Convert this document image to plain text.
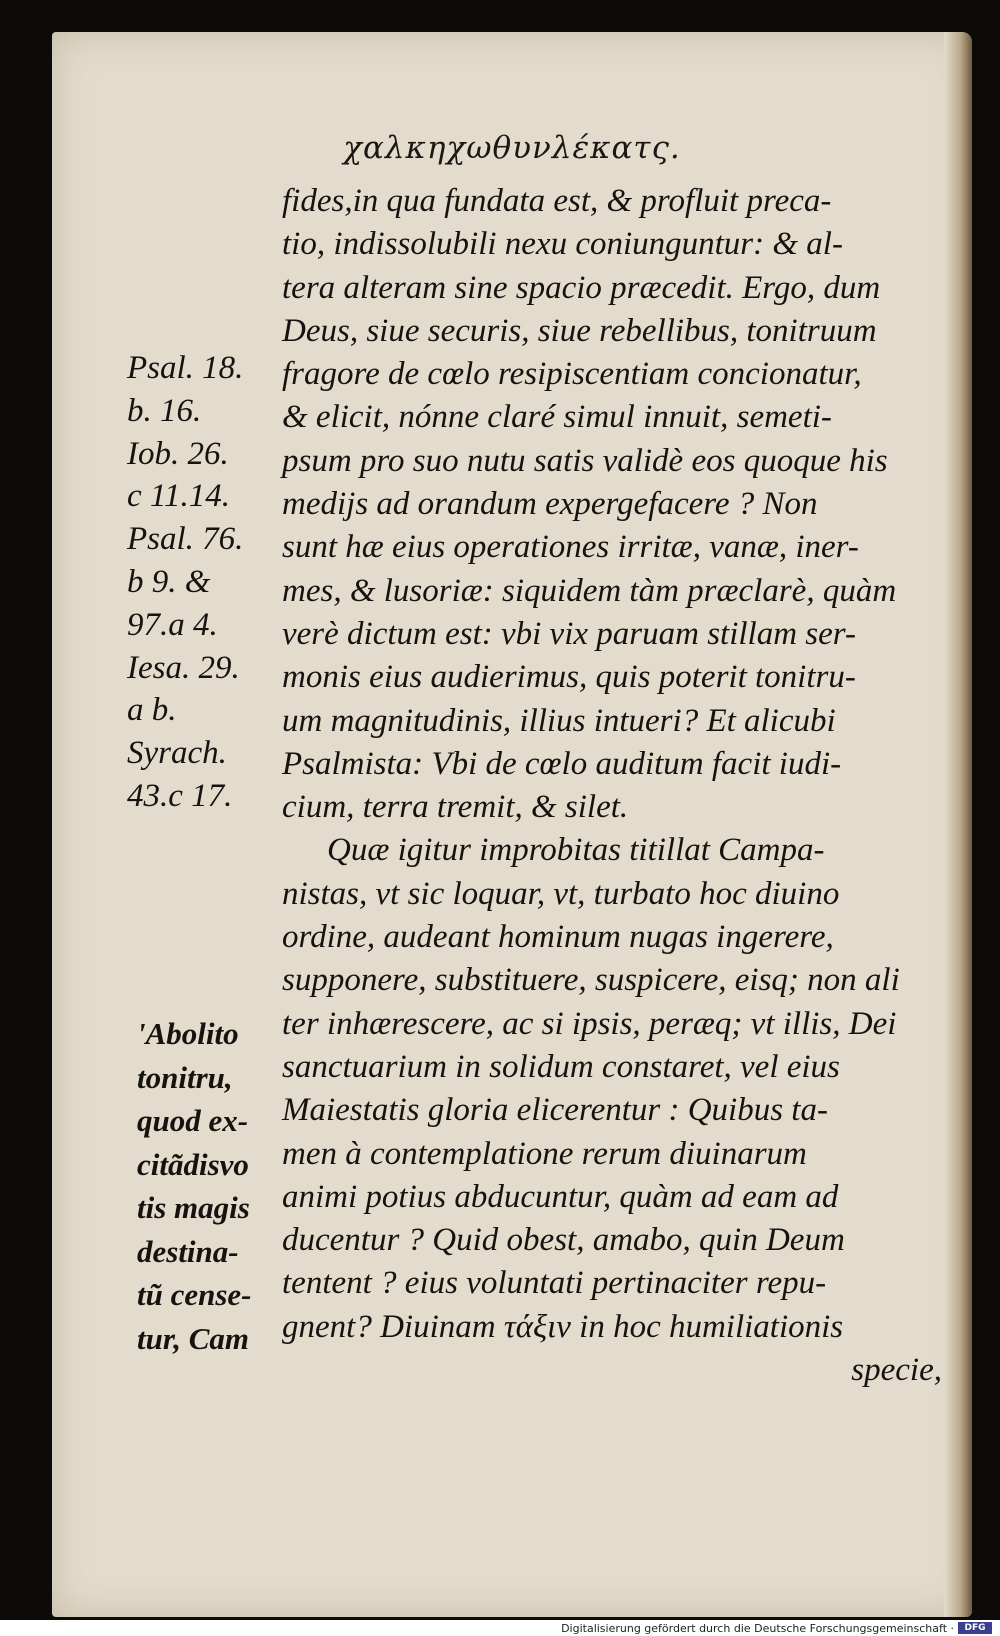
χαλκηχωθυνλέκατς.
fides,in qua fundata est, & profluit preca-
tio, indissolubili nexu coniunguntur: & al-
tera alteram sine spacio præcedit. Ergo, dum
Deus, siue securis, siue rebellibus, tonitruum
fragore de cœlo resipiscentiam concionatur,
& elicit, nónne claré simul innuit, semeti-
psum pro suo nutu satis validè eos quoque his
medijs ad orandum expergefacere ? Non
sunt hæ eius operationes irritæ, vanæ, iner-
mes, & lusoriæ: siquidem tàm præclarè, quàm
verè dictum est: vbi vix paruam stillam ser-
monis eius audierimus, quis poterit tonitru-
um magnitudinis, illius intueri? Et alicubi
Psalmista: Vbi de cœlo auditum facit iudi-
cium, terra tremit, & silet.
Quæ igitur improbitas titillat Campa-
nistas, vt sic loquar, vt, turbato hoc diuino
ordine, audeant hominum nugas ingerere,
supponere, substituere, suspicere, eisq; non ali
ter inhærescere, ac si ipsis, peræq; vt illis, Dei
sanctuarium in solidum constaret, vel eius
Maiestatis gloria elicerentur : Quibus ta-
men à contemplatione rerum diuinarum
animi potius abducuntur, quàm ad eam ad
ducentur ? Quid obest, amabo, quin Deum
tentent ? eius voluntati pertinaciter repu-
gnent? Diuinam τάξιν in hoc humiliationis
specie,
Psal. 18.
b. 16.
Iob. 26.
c 11.14.
Psal. 76.
b 9. &
97.a 4.
Iesa. 29.
a b.
Syrach.
43.c 17.
'Abolito
tonitru,
quod ex-
citãdisvo
tis magis
destina-
tũ cense-
tur, Cam
Digitalisierung gefördert durch die Deutsche Forschungsgemeinschaft ·	DFG
